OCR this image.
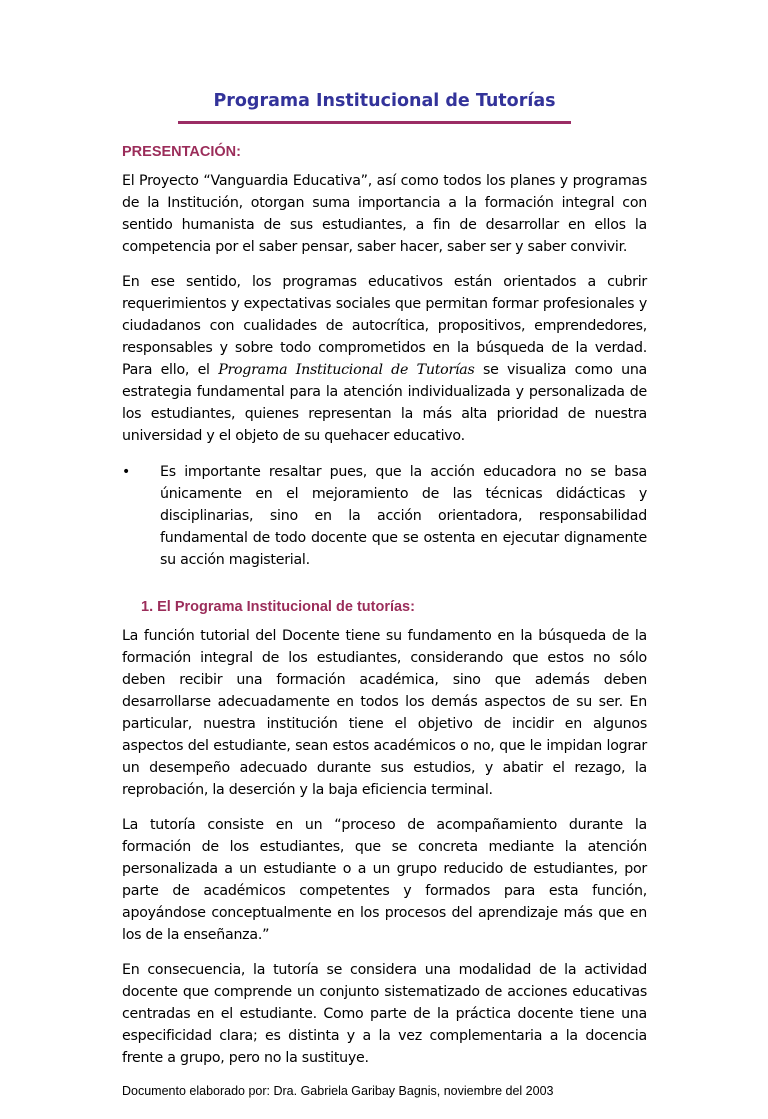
Programa Institucional de Tutorías
PRESENTACIÓN:

El Proyecto “Vanguardia Educativa”, así como todos los planes y programas de la Institución, otorgan suma importancia a la formación integral con sentido humanista de sus estudiantes, a fin de desarrollar en ellos la competencia por el saber pensar, saber hacer, saber ser y saber convivir.

En ese sentido, los programas educativos están orientados a cubrir requerimientos y expectativas sociales que permitan formar profesionales y ciudadanos con cualidades de autocrítica, propositivos, emprendedores, responsables y sobre todo comprometidos en la búsqueda de la verdad. Para ello, el Programa Institucional de Tutorías se visualiza como una estrategia fundamental para la atención individualizada y personalizada de los estudiantes, quienes representan la más alta prioridad de nuestra universidad y el objeto de su quehacer educativo.

• Es importante resaltar pues, que la acción educadora no se basa únicamente en el mejoramiento de las técnicas didácticas y disciplinarias, sino en la acción orientadora, responsabilidad fundamental de todo docente que se ostenta en ejecutar dignamente su acción magisterial.

1. El Programa Institucional de tutorías:

La función tutorial del Docente tiene su fundamento en la búsqueda de la formación integral de los estudiantes, considerando que estos no sólo deben recibir una formación académica, sino que además deben desarrollarse adecuadamente en todos los demás aspectos de su ser. En particular, nuestra institución tiene el objetivo de incidir en algunos aspectos del estudiante, sean estos académicos o no, que le impidan lograr un desempeño adecuado durante sus estudios, y abatir el rezago, la reprobación, la deserción y la baja eficiencia terminal.

La tutoría consiste en un “proceso de acompañamiento durante la formación de los estudiantes, que se concreta mediante la atención personalizada a un estudiante o a un grupo reducido de estudiantes, por parte de académicos competentes y formados para esta función, apoyándose conceptualmente en los procesos del aprendizaje más que en los de la enseñanza.”

En consecuencia, la tutoría se considera una modalidad de la actividad docente que comprende un conjunto sistematizado de acciones educativas centradas en el estudiante. Como parte de la práctica docente tiene una especificidad clara; es distinta y a la vez complementaria a la docencia frente a grupo, pero no la sustituye.

Documento elaborado por: Dra. Gabriela Garibay Bagnis, noviembre del 2003
